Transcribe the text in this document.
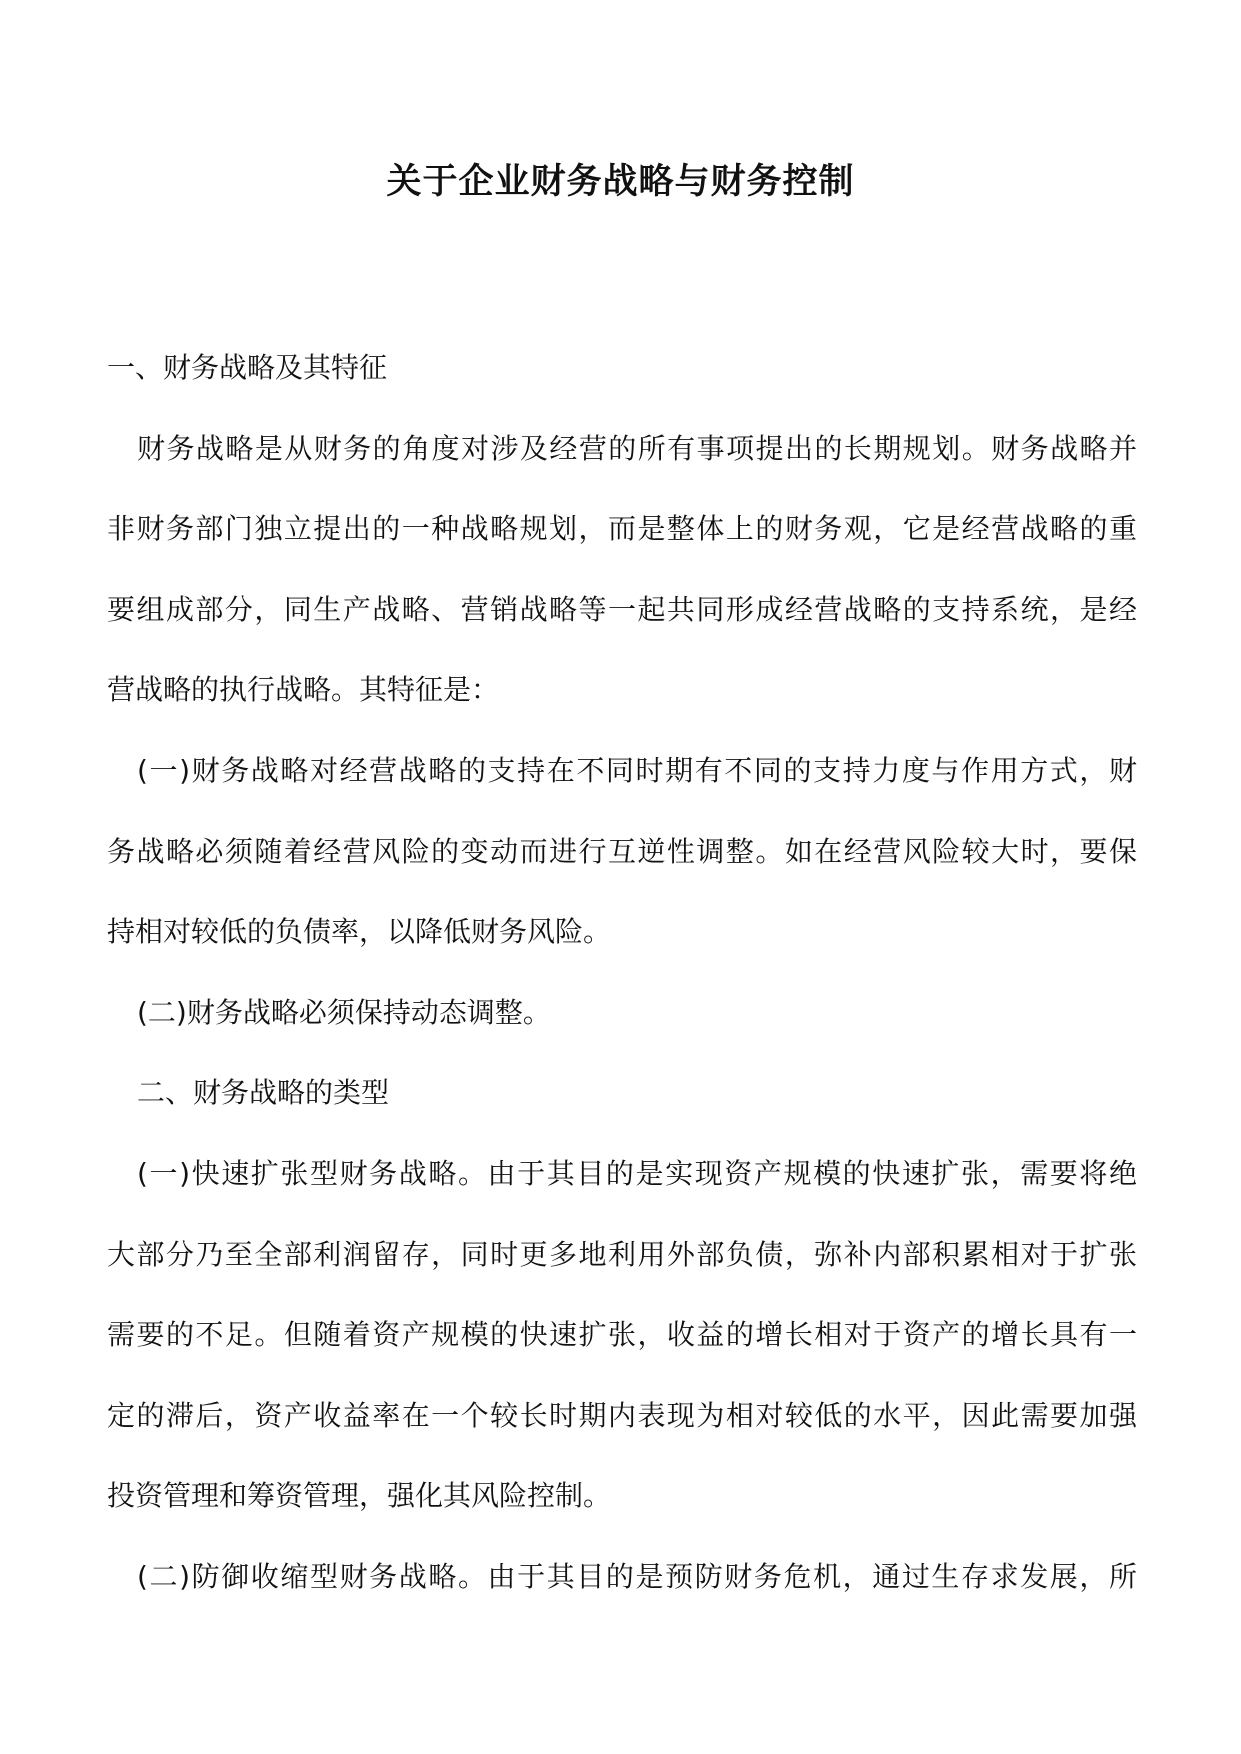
关于企业财务战略与财务控制

一、财务战略及其特征

财务战略是从财务的角度对涉及经营的所有事项提出的长期规划。财务战略并

非财务部门独立提出的一种战略规划，而是整体上的财务观，它是经营战略的重

要组成部分，同生产战略、营销战略等一起共同形成经营战略的支持系统，是经

营战略的执行战略。其特征是：

(一)财务战略对经营战略的支持在不同时期有不同的支持力度与作用方式，财

务战略必须随着经营风险的变动而进行互逆性调整。如在经营风险较大时，要保

持相对较低的负债率，以降低财务风险。

(二)财务战略必须保持动态调整。

二、财务战略的类型

(一)快速扩张型财务战略。由于其目的是实现资产规模的快速扩张，需要将绝

大部分乃至全部利润留存，同时更多地利用外部负债，弥补内部积累相对于扩张

需要的不足。但随着资产规模的快速扩张，收益的增长相对于资产的增长具有一

定的滞后，资产收益率在一个较长时期内表现为相对较低的水平，因此需要加强

投资管理和筹资管理，强化其风险控制。

(二)防御收缩型财务战略。由于其目的是预防财务危机，通过生存求发展，所
